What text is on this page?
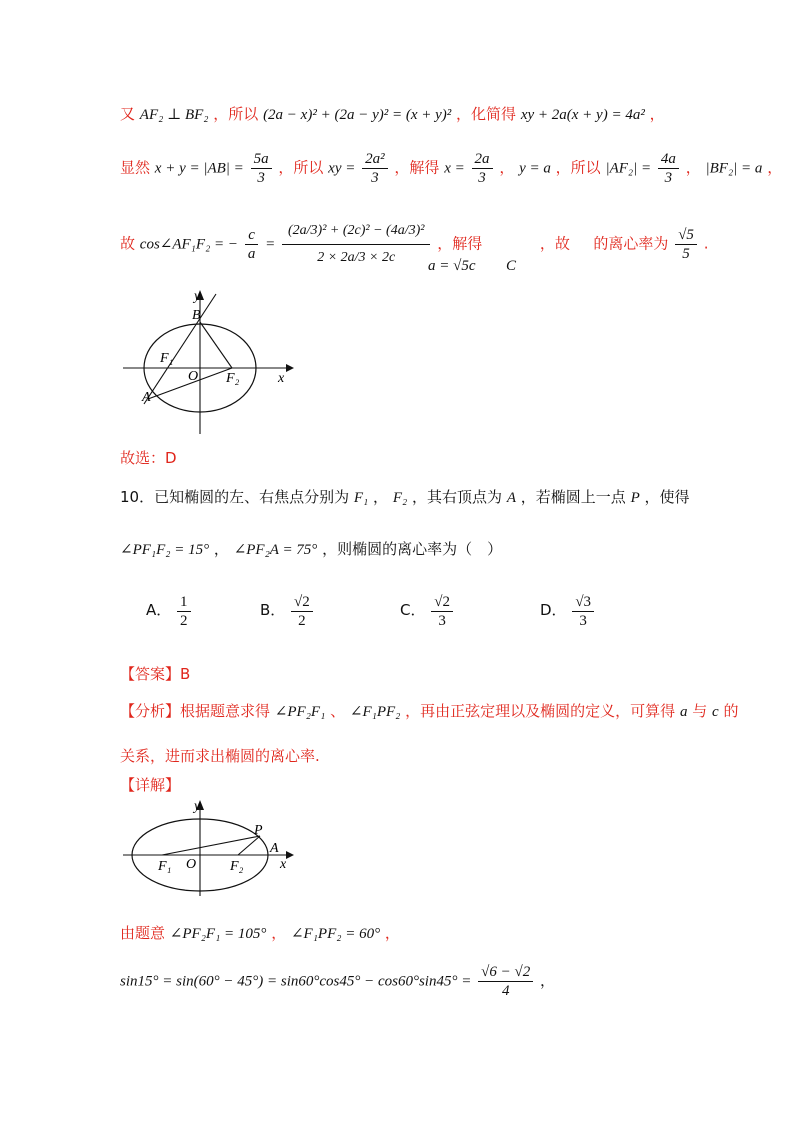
又 AF₂ ⊥ BF₂ ，所以 (2a − x)² + (2a − y)² = (x + y)² ，化简得 xy + 2a(x + y) = 4a² ，
显然 $x + y = |AB| = \frac{5a}{3}$ ，所以 xy = $\frac{\text{2a²}}{3}$ ，解得 $x = \frac{2a}{3}$ ， y = a ，所以 $|AF_2| = \frac{4a}{3}$ ， |BF₂| = a ，
故 cos∠AF₁F₂ = − $\frac{c}{a} = \frac{\text{(2a/3)² + (2c)² − (4a/3)²}}{2 \times 2a/3 \times 2c}$ ，解得	，故 的离心率为 $\frac{√5}{5}$ .
a = √5c C
y
x
B
F₁
O F₂
A
故选：D
10．已知椭圆的左、右焦点分别为 F₁ ， F₂ ，其右顶点为 A ，若椭圆上一点 P ，使得
∠PF₁F₂ = 15° ， ∠PF₂A = 75° ，则椭圆的离心率为（　）
A． $\frac{1}{2}$	B． $\frac{√2}{2}$	C． $\frac{√2}{3}$	D． $\frac{√3}{3}$
【答案】B
【分析】根据题意求得 ∠PF₂F₁ 、 ∠F₁PF₂ ，再由正弦定理以及椭圆的定义，可算得 a 与 c 的
关系，进而求出椭圆的离心率.
【详解】
y
x
P
A
F₁ O F₂
由题意 ∠PF₂F₁ = 105° ， ∠F₁PF₂ = 60° ，
$\sin 15^\circ = \sin(60^\circ - 45^\circ) = \sin 60^\circ\cos 45^\circ - \cos 60^\circ\sin 45^\circ = \frac{√6 - √2}{4}$ ，
